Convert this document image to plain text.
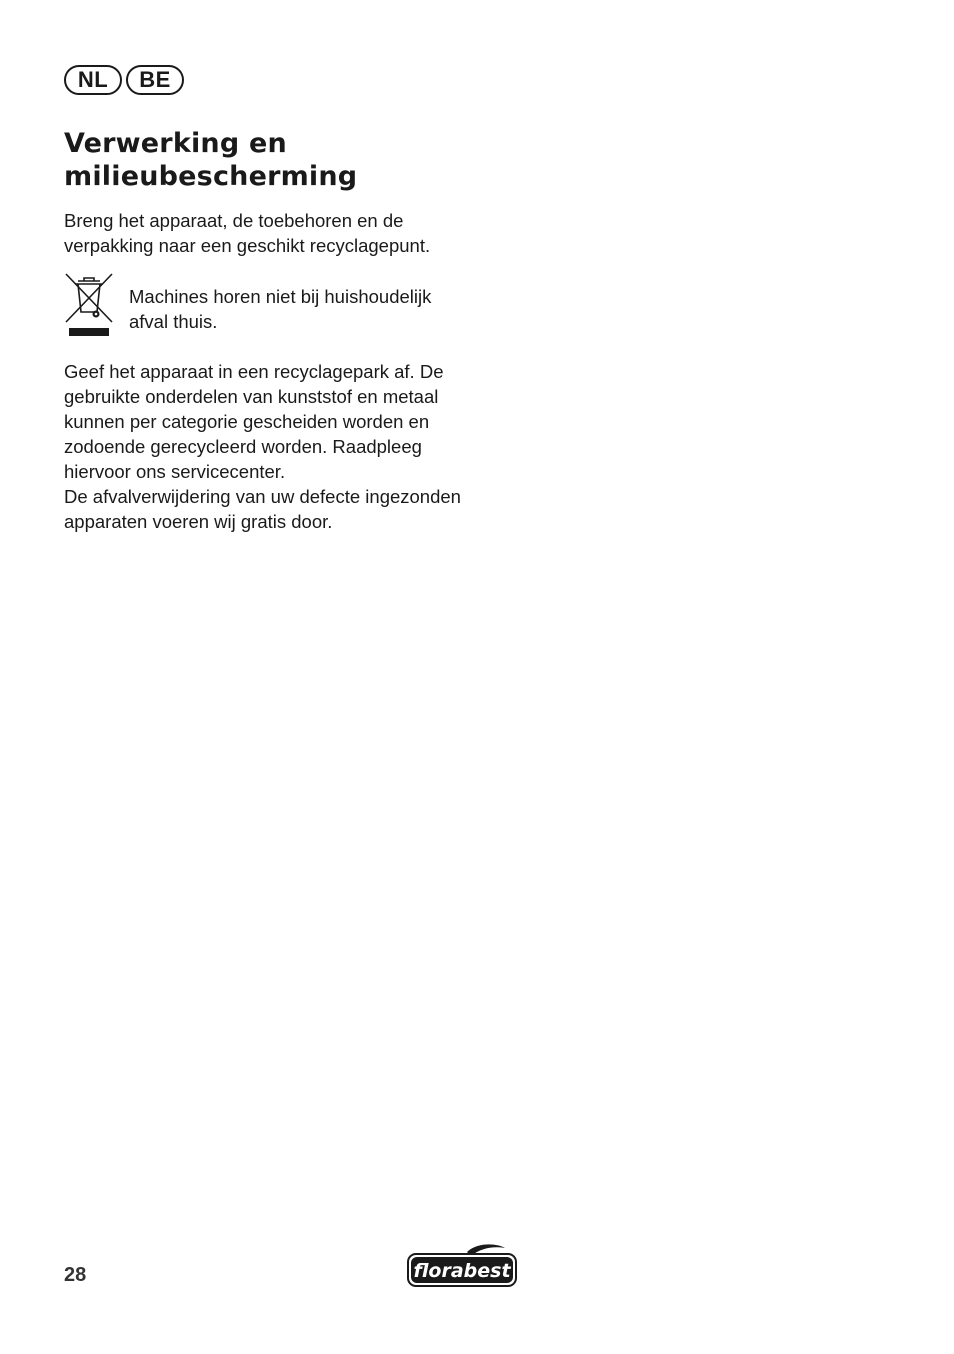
NL	BE
Verwerking en
milieubescherming

Breng het apparaat, de toebehoren en de verpakking naar een geschikt recyclagepunt.

Machines horen niet bij huishoudelijk afval thuis.

Geef het apparaat in een recyclagepark af. De gebruikte onderdelen van kunststof en metaal kunnen per categorie gescheiden worden en zodoende gerecycleerd worden. Raadpleeg hiervoor ons servicecenter.

De afvalverwijdering van uw defecte ingezonden apparaten voeren wij gratis door.

28	florabest
